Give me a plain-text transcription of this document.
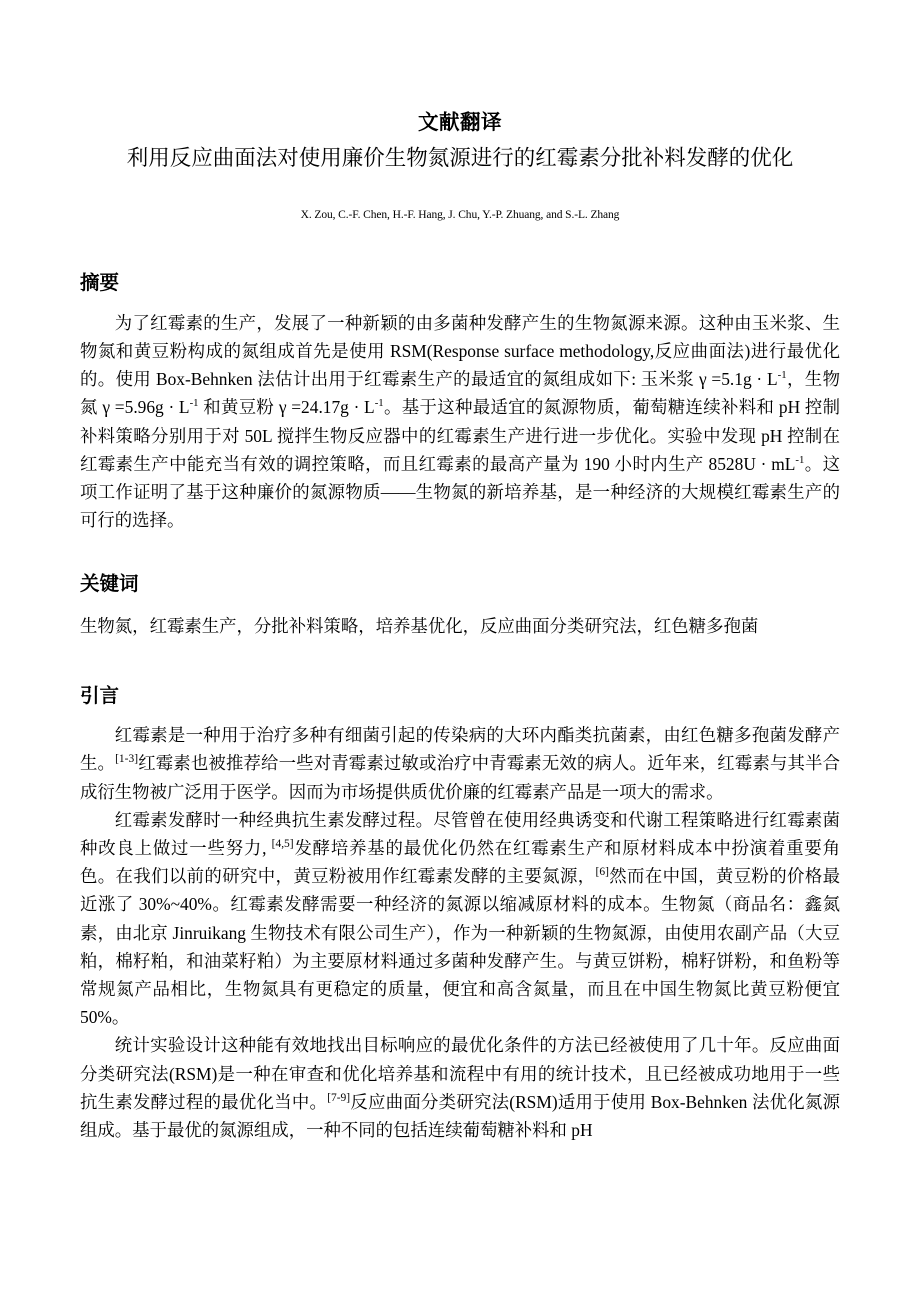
文献翻译
利用反应曲面法对使用廉价生物氮源进行的红霉素分批补料发酵的优化
X. Zou, C.-F. Chen, H.-F. Hang, J. Chu, Y.-P. Zhuang, and S.-L. Zhang
摘要

为了红霉素的生产，发展了一种新颖的由多菌种发酵产生的生物氮源来源。这种由玉米浆、生物氮和黄豆粉构成的氮组成首先是使用 RSM(Response surface methodology,反应曲面法)进行最优化的。使用 Box-Behnken 法估计出用于红霉素生产的最适宜的氮组成如下: 玉米浆 $\gamma =5.1g \cdot L^{-1}$，生物氮 $\gamma =5.96g \cdot L^{-1}$ 和黄豆粉 $\gamma =24.17g \cdot L^{-1}$。基于这种最适宜的氮源物质，葡萄糖连续补料和 pH 控制补料策略分别用于对 50L 搅拌生物反应器中的红霉素生产进行进一步优化。实验中发现 pH 控制在红霉素生产中能充当有效的调控策略，而且红霉素的最高产量为 190 小时内生产 $8528U \cdot mL^{-1}$。这项工作证明了基于这种廉价的氮源物质——生物氮的新培养基，是一种经济的大规模红霉素生产的可行的选择。

关键词

生物氮，红霉素生产，分批补料策略，培养基优化，反应曲面分类研究法，红色糖多孢菌

引言

红霉素是一种用于治疗多种有细菌引起的传染病的大环内酯类抗菌素，由红色糖多孢菌发酵产生。[1-3]红霉素也被推荐给一些对青霉素过敏或治疗中青霉素无效的病人。近年来，红霉素与其半合成衍生物被广泛用于医学。因而为市场提供质优价廉的红霉素产品是一项大的需求。

红霉素发酵时一种经典抗生素发酵过程。尽管曾在使用经典诱变和代谢工程策略进行红霉素菌种改良上做过一些努力, [4,5]发酵培养基的最优化仍然在红霉素生产和原材料成本中扮演着重要角色。在我们以前的研究中，黄豆粉被用作红霉素发酵的主要氮源，[6]然而在中国，黄豆粉的价格最近涨了 30%~40%。红霉素发酵需要一种经济的氮源以缩减原材料的成本。生物氮（商品名：鑫氮素，由北京 Jinruikang 生物技术有限公司生产），作为一种新颖的生物氮源，由使用农副产品（大豆粕，棉籽粕，和油菜籽粕）为主要原材料通过多菌种发酵产生。与黄豆饼粉，棉籽饼粉，和鱼粉等常规氮产品相比，生物氮具有更稳定的质量，便宜和高含氮量，而且在中国生物氮比黄豆粉便宜 50%。

统计实验设计这种能有效地找出目标响应的最优化条件的方法已经被使用了几十年。反应曲面分类研究法(RSM)是一种在审查和优化培养基和流程中有用的统计技术，且已经被成功地用于一些抗生素发酵过程的最优化当中。[7-9]反应曲面分类研究法(RSM)适用于使用 Box-Behnken 法优化氮源组成。基于最优的氮源组成，一种不同的包括连续葡萄糖补料和 pH
